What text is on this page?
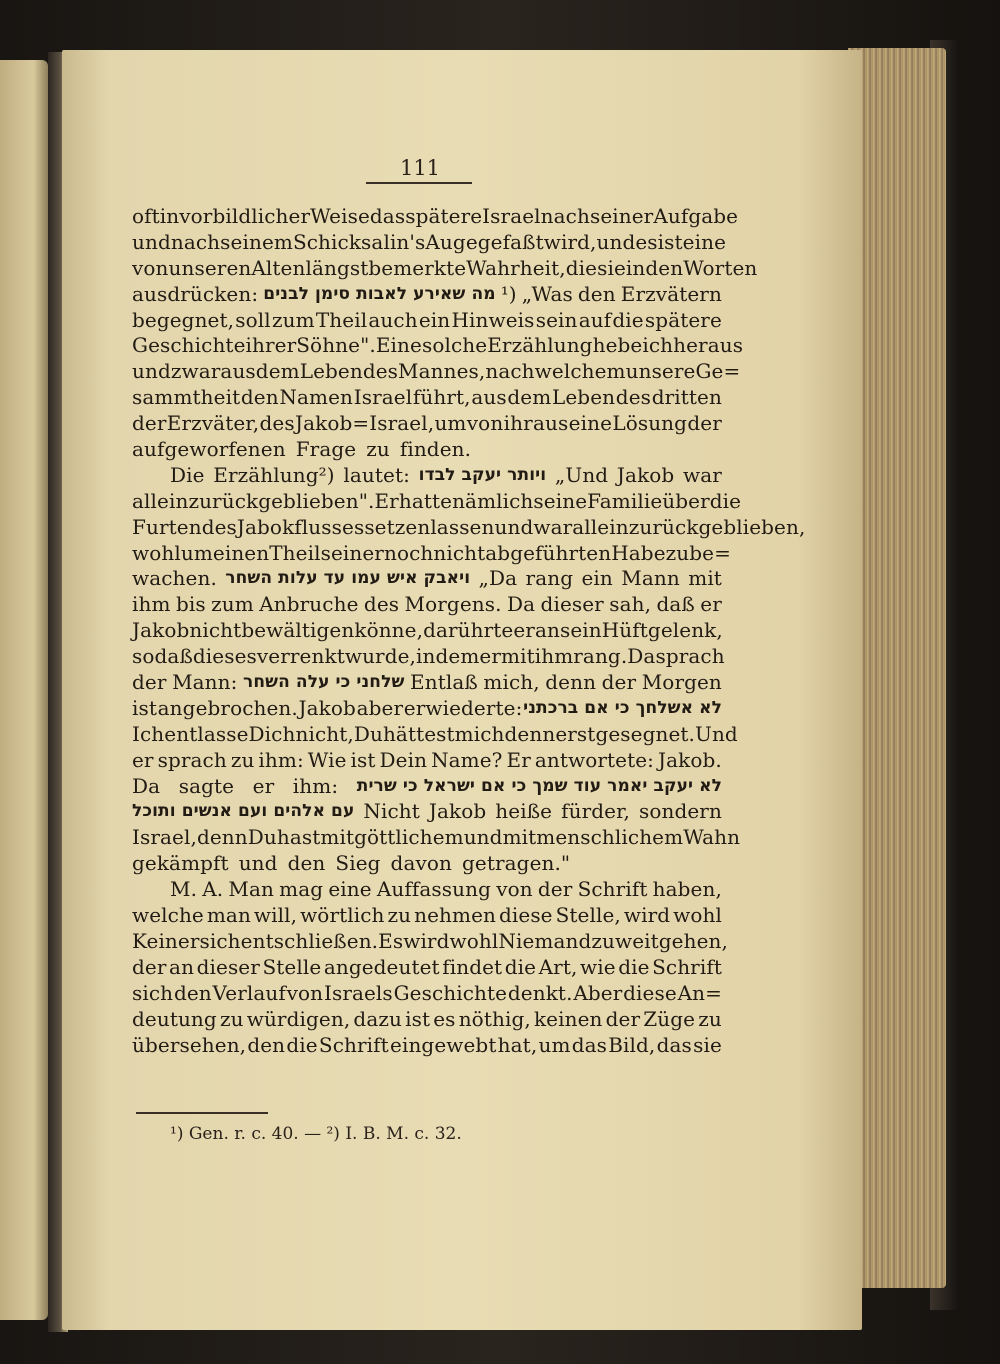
111
oft in vorbildlicher Weise das spätere Israel nach seiner Aufgabe
und nach seinem Schicksal in's Auge gefaßt wird, und es ist eine
von unseren Alten längst bemerkte Wahrheit, die sie in den Worten
ausdrücken: מה שאירע לאבות סימן לבנים ¹) „Was den Erzvätern
begegnet, soll zum Theil auch ein Hinweis sein auf die spätere
Geschichte ihrer Söhne". Eine solche Erzählung hebe ich heraus
und zwar aus dem Leben des Mannes, nach welchem unsere Ge=
sammtheit den Namen Israel führt, aus dem Leben des dritten
der Erzväter, des Jakob=Israel, um von ihr aus eine Lösung der
aufgeworfenen Frage zu finden.
Die Erzählung²) lautet: ויותר יעקב לבדו „Und Jakob war
allein zurückgeblieben". Er hatte nämlich seine Familie über die
Furten des Jabokflusses setzen lassen und war allein zurückgeblieben,
wohl um einen Theil seiner noch nicht abgeführten Habe zu be=
wachen. ויאבק איש עמו עד עלות השחר „Da rang ein Mann mit
ihm bis zum Anbruche des Morgens. Da dieser sah, daß er
Jakob nicht bewältigen könne, da rührte er an sein Hüftgelenk,
so daß dieses verrenkt wurde, indem er mit ihm rang. Da sprach
der Mann: שלחני כי עלה השחר Entlaß mich, denn der Morgen
ist angebrochen. Jakob aber erwiederte: לא אשלחך כי אם ברכתני
Ich entlasse Dich nicht, Du hättest mich denn erst gesegnet. Und
er sprach zu ihm: Wie ist Dein Name? Er antwortete: Jakob.
Da sagte er ihm: לא יעקב יאמר עוד שמך כי אם ישראל כי שרית
עם אלהים ועם אנשים ותוכל Nicht Jakob heiße fürder, sondern
Israel, denn Du hast mit göttlichem und mit menschlichem Wahn
gekämpft und den Sieg davon getragen."
M. A. Man mag eine Auffassung von der Schrift haben,
welche man will, wörtlich zu nehmen diese Stelle, wird wohl
Keiner sich entschließen. Es wird wohl Niemand zu weit gehen,
der an dieser Stelle angedeutet findet die Art, wie die Schrift
sich den Verlauf von Israels Geschichte denkt. Aber diese An=
deutung zu würdigen, dazu ist es nöthig, keinen der Züge zu
übersehen, den die Schrift eingewebt hat, um das Bild, das sie
¹) Gen. r. c. 40. — ²) I. B. M. c. 32.
